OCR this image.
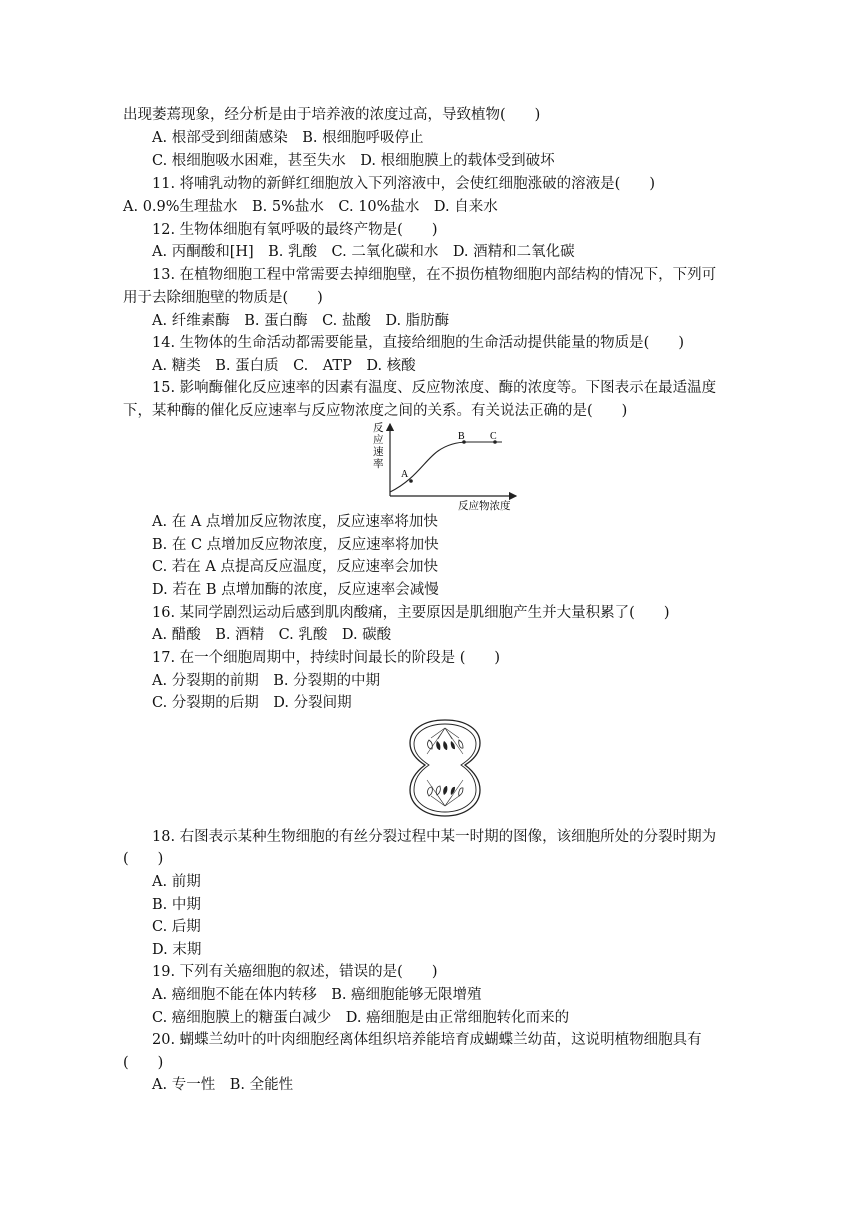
出现萎蔫现象，经分析是由于培养液的浓度过高，导致植物(　　)
A. 根部受到细菌感染　B. 根细胞呼吸停止
C. 根细胞吸水困难，甚至失水　D. 根细胞膜上的载体受到破坏
11. 将哺乳动物的新鲜红细胞放入下列溶液中，会使红细胞涨破的溶液是(　　)
A. 0.9%生理盐水　B. 5%盐水　C. 10%盐水　D. 自来水
12. 生物体细胞有氧呼吸的最终产物是(　　)
A. 丙酮酸和[H]　B. 乳酸　C. 二氧化碳和水　D. 酒精和二氧化碳
13. 在植物细胞工程中常需要去掉细胞壁，在不损伤植物细胞内部结构的情况下，下列可
用于去除细胞壁的物质是(　　)
A. 纤维素酶　B. 蛋白酶　C. 盐酸　D. 脂肪酶
14. 生物体的生命活动都需要能量，直接给细胞的生命活动提供能量的物质是(　　)
A. 糖类　B. 蛋白质　C.　ATP　D. 核酸
15. 影响酶催化反应速率的因素有温度、反应物浓度、酶的浓度等。下图表示在最适温度
下，某种酶的催化反应速率与反应物浓度之间的关系。有关说法正确的是(　　)
A
B	C
反
应
速
率
反应物浓度
A. 在 A 点增加反应物浓度，反应速率将加快
B. 在 C 点增加反应物浓度，反应速率将加快
C. 若在 A 点提高反应温度，反应速率会加快
D. 若在 B 点增加酶的浓度，反应速率会减慢
16. 某同学剧烈运动后感到肌肉酸痛，主要原因是肌细胞产生并大量积累了(　　)
A. 醋酸　B. 酒精　C. 乳酸　D. 碳酸
17. 在一个细胞周期中，持续时间最长的阶段是 (　　)
A. 分裂期的前期　B. 分裂期的中期
C. 分裂期的后期　D. 分裂间期
18. 右图表示某种生物细胞的有丝分裂过程中某一时期的图像，该细胞所处的分裂时期为
(　　)
A. 前期
B. 中期
C. 后期
D. 末期
19. 下列有关癌细胞的叙述，错误的是(　　)
A. 癌细胞不能在体内转移　B. 癌细胞能够无限增殖
C. 癌细胞膜上的糖蛋白减少　D. 癌细胞是由正常细胞转化而来的
20. 蝴蝶兰幼叶的叶肉细胞经离体组织培养能培育成蝴蝶兰幼苗，这说明植物细胞具有
(　　)
A. 专一性　B. 全能性
